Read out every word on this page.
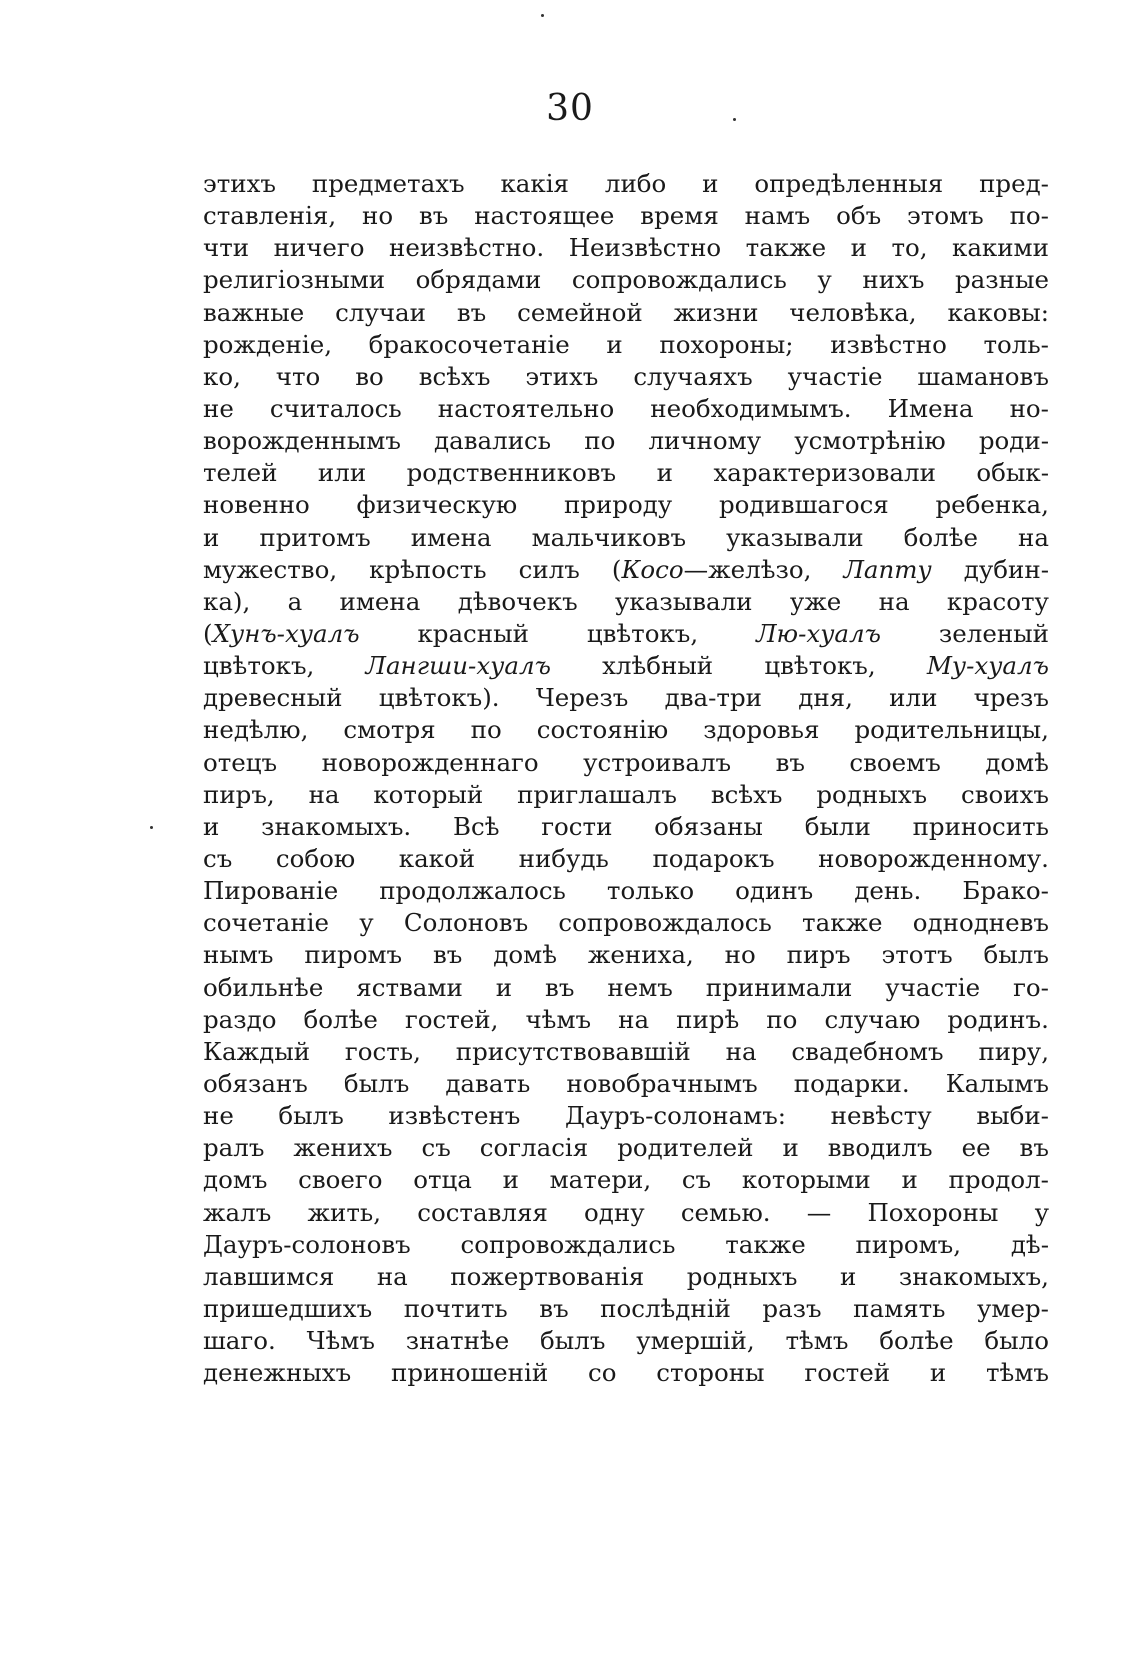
30
этихъ предметахъ какія либо и опредѣленныя пред-
ставленія, но въ настоящее время намъ объ этомъ по-
чти ничего неизвѣстно. Неизвѣстно также и то, какими
религіозными обрядами сопровождались у нихъ разные
важные случаи въ семейной жизни человѣка, каковы:
рожденіе, бракосочетаніе и похороны; извѣстно толь-
ко, что во всѣхъ этихъ случаяхъ участіе шамановъ
не считалось настоятельно необходимымъ. Имена но-
ворожденнымъ давались по личному усмотрѣнію роди-
телей или родственниковъ и характеризовали обык-
новенно физическую природу родившагося ребенка,
и притомъ имена мальчиковъ указывали болѣе на
мужество, крѣпость силъ (Косо—желѣзо, Лапту дубин-
ка), а имена дѣвочекъ указывали уже на красоту
(Хунъ-хуалъ красный цвѣтокъ, Лю-хуалъ зеленый
цвѣтокъ, Лангши-хуалъ хлѣбный цвѣтокъ, Му-хуалъ
древесный цвѣтокъ). Черезъ два-три дня, или чрезъ
недѣлю, смотря по состоянію здоровья родительницы,
отецъ новорожденнаго устроивалъ въ своемъ домѣ
пиръ, на который приглашалъ всѣхъ родныхъ своихъ
и знакомыхъ. Всѣ гости обязаны были приносить
съ собою какой нибудь подарокъ новорожденному.
Пированіе продолжалось только одинъ день. Брако-
сочетаніе у Солоновъ сопровождалось также однодневъ
нымъ пиромъ въ домѣ жениха, но пиръ этотъ былъ
обильнѣе яствами и въ немъ принимали участіе го-
раздо болѣе гостей, чѣмъ на пирѣ по случаю родинъ.
Каждый гость, присутствовавшій на свадебномъ пиру,
обязанъ былъ давать новобрачнымъ подарки. Калымъ
не былъ извѣстенъ Дауръ-солонамъ: невѣсту выби-
ралъ женихъ съ согласія родителей и вводилъ ее въ
домъ своего отца и матери, съ которыми и продол-
жалъ жить, составляя одну семью. — Похороны у
Дауръ-солоновъ сопровождались также пиромъ, дѣ-
лавшимся на пожертвованія родныхъ и знакомыхъ,
пришедшихъ почтить въ послѣдній разъ память умер-
шаго. Чѣмъ знатнѣе былъ умершій, тѣмъ болѣе было
денежныхъ приношеній со стороны гостей и тѣмъ
